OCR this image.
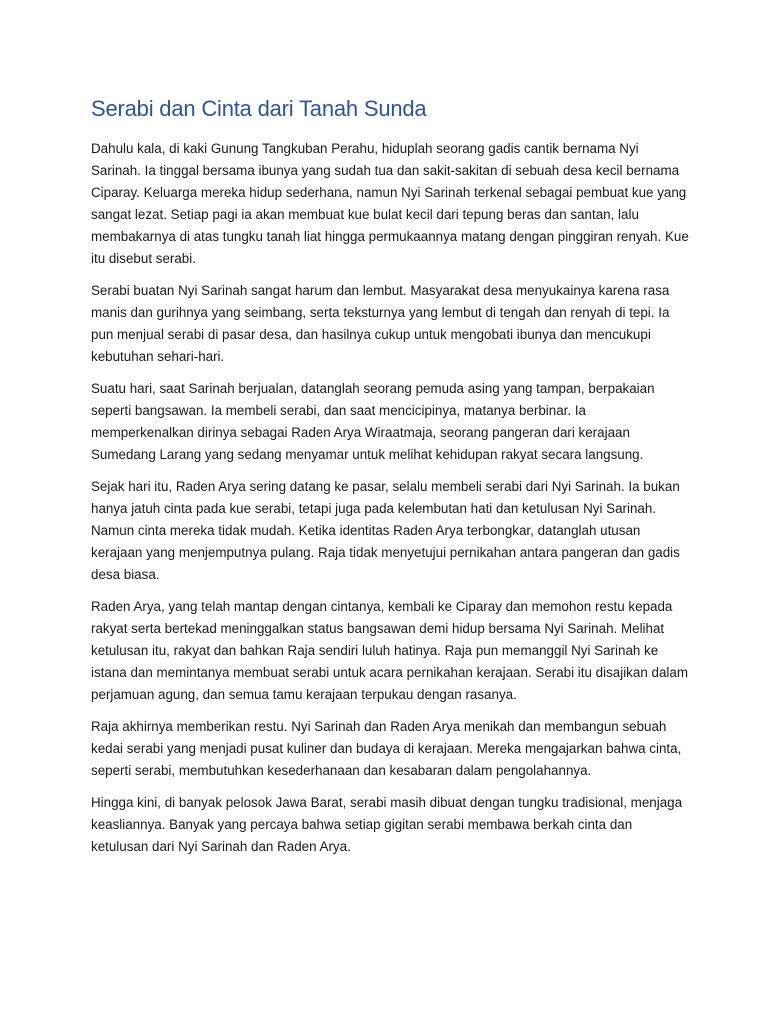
Serabi dan Cinta dari Tanah Sunda

Dahulu kala, di kaki Gunung Tangkuban Perahu, hiduplah seorang gadis cantik bernama Nyi Sarinah. Ia tinggal bersama ibunya yang sudah tua dan sakit-sakitan di sebuah desa kecil bernama Ciparay. Keluarga mereka hidup sederhana, namun Nyi Sarinah terkenal sebagai pembuat kue yang sangat lezat. Setiap pagi ia akan membuat kue bulat kecil dari tepung beras dan santan, lalu membakarnya di atas tungku tanah liat hingga permukaannya matang dengan pinggiran renyah. Kue itu disebut serabi.

Serabi buatan Nyi Sarinah sangat harum dan lembut. Masyarakat desa menyukainya karena rasa manis dan gurihnya yang seimbang, serta teksturnya yang lembut di tengah dan renyah di tepi. Ia pun menjual serabi di pasar desa, dan hasilnya cukup untuk mengobati ibunya dan mencukupi kebutuhan sehari-hari.

Suatu hari, saat Sarinah berjualan, datanglah seorang pemuda asing yang tampan, berpakaian seperti bangsawan. Ia membeli serabi, dan saat mencicipinya, matanya berbinar. Ia memperkenalkan dirinya sebagai Raden Arya Wiraatmaja, seorang pangeran dari kerajaan Sumedang Larang yang sedang menyamar untuk melihat kehidupan rakyat secara langsung.

Sejak hari itu, Raden Arya sering datang ke pasar, selalu membeli serabi dari Nyi Sarinah. Ia bukan hanya jatuh cinta pada kue serabi, tetapi juga pada kelembutan hati dan ketulusan Nyi Sarinah. Namun cinta mereka tidak mudah. Ketika identitas Raden Arya terbongkar, datanglah utusan kerajaan yang menjemputnya pulang. Raja tidak menyetujui pernikahan antara pangeran dan gadis desa biasa.

Raden Arya, yang telah mantap dengan cintanya, kembali ke Ciparay dan memohon restu kepada rakyat serta bertekad meninggalkan status bangsawan demi hidup bersama Nyi Sarinah. Melihat ketulusan itu, rakyat dan bahkan Raja sendiri luluh hatinya. Raja pun memanggil Nyi Sarinah ke istana dan memintanya membuat serabi untuk acara pernikahan kerajaan. Serabi itu disajikan dalam perjamuan agung, dan semua tamu kerajaan terpukau dengan rasanya.

Raja akhirnya memberikan restu. Nyi Sarinah dan Raden Arya menikah dan membangun sebuah kedai serabi yang menjadi pusat kuliner dan budaya di kerajaan. Mereka mengajarkan bahwa cinta, seperti serabi, membutuhkan kesederhanaan dan kesabaran dalam pengolahannya.

Hingga kini, di banyak pelosok Jawa Barat, serabi masih dibuat dengan tungku tradisional, menjaga keasliannya. Banyak yang percaya bahwa setiap gigitan serabi membawa berkah cinta dan ketulusan dari Nyi Sarinah dan Raden Arya.
